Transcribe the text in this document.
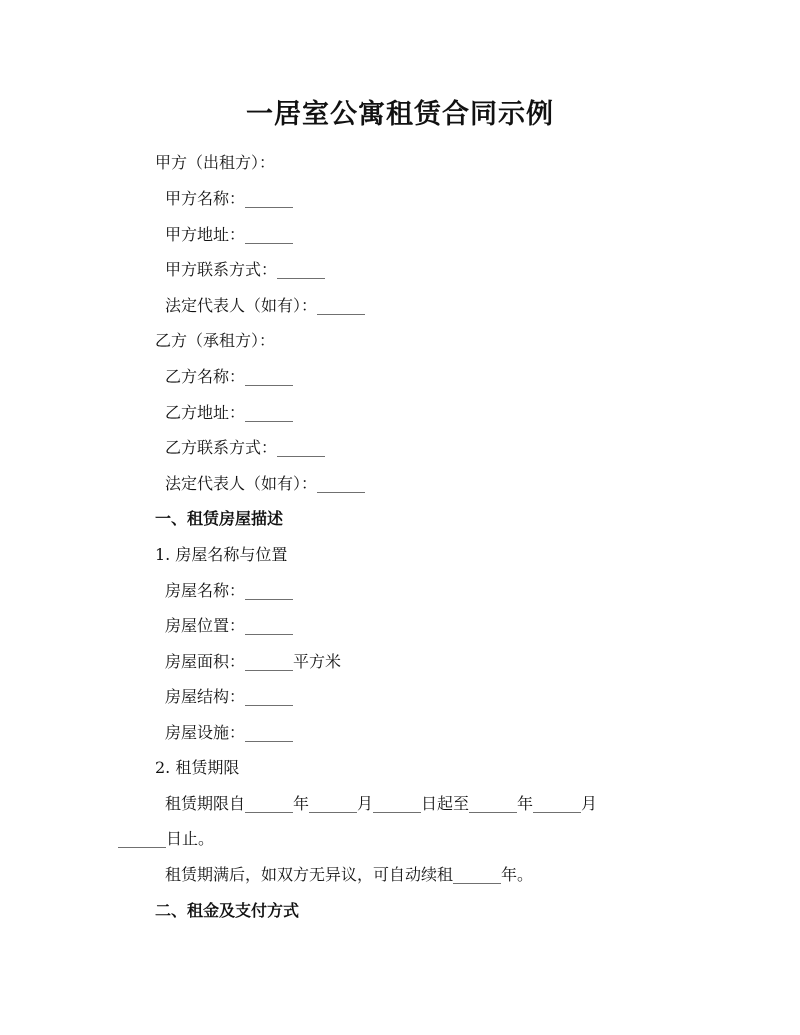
一居室公寓租赁合同示例
甲方（出租方）：
甲方名称：______
甲方地址：______
甲方联系方式：______
法定代表人（如有）：______
乙方（承租方）：
乙方名称：______
乙方地址：______
乙方联系方式：______
法定代表人（如有）：______
一、租赁房屋描述
1. 房屋名称与位置
房屋名称：______
房屋位置：______
房屋面积：______平方米
房屋结构：______
房屋设施：______
2. 租赁期限
租赁期限自______年______月______日起至______年______月
______日止。
租赁期满后，如双方无异议，可自动续租______年。
二、租金及支付方式
